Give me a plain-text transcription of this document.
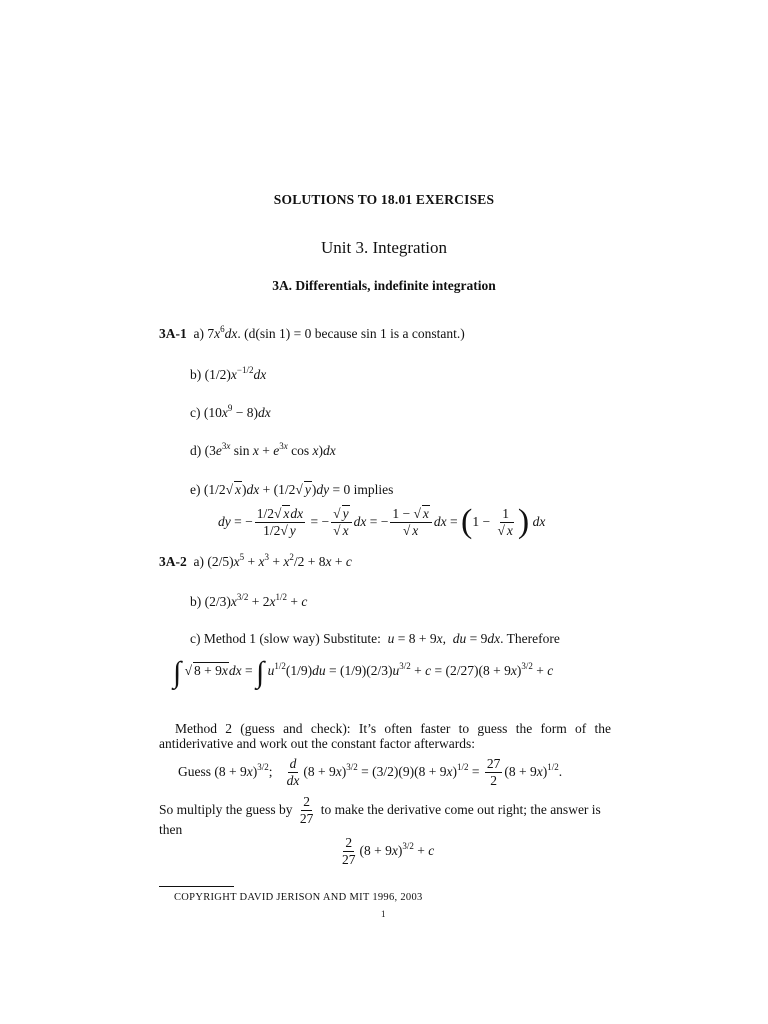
SOLUTIONS TO 18.01 EXERCISES
Unit 3. Integration
3A. Differentials, indefinite integration
3A-1 a) $7x^6dx$. (d(sin 1) = 0 because sin 1 is a constant.)
b) $(1/2)x^{-1/2}dx$
c) $(10x^9 - 8)dx$
d) ($3e^{3x}$ $\sin x + e^{3x}$ cos x)dx
e) (1/2√ x)dx + (1/2√ y)dy = 0 implies
dy = − $\frac{\text{1/2√ xdx}}{1/2√ y}$ = − $\frac{√ y}{√ x}$ dx = − $\frac{1 - √ x}{√ x}$ dx = ($1 - \frac{1}{√ x}$ ) dx
3A-2 a) $(2/5)x^5 + x^3 + x^2/2 + 8x + c$
b) $(2/3)x^{3/2} + 2x^{1/2} + c$
c) Method 1 (slow way) Substitute: u = 8 + 9x,  du = 9dx. Therefore
∫ √ 8 + 9xdx = ∫ $u^{1/2}(1/9)du = (1/9)(2/3)u^{3/2} + c = (2/27)(8 + 9x)^{3/2} + c$
Method 2 (guess and check): It’s often faster to guess the form of the antiderivative and work out the constant factor afterwards:
Guess $(8 + 9x)^{3/2}$; $\frac{d}{dx} (8 + 9x)^{3/2} = (3/2)(9)(8 + 9x)^{1/2} = \frac{27}{2} (8 + 9x)^{1/2}$.
So multiply the guess by $\frac{2}{27}$ to make the derivative come out right; the answer is
then
$\frac{2}{27} (8 + 9x)^{3/2} + c$
COPYRIGHT DAVID JERISON AND MIT 1996, 2003
1
